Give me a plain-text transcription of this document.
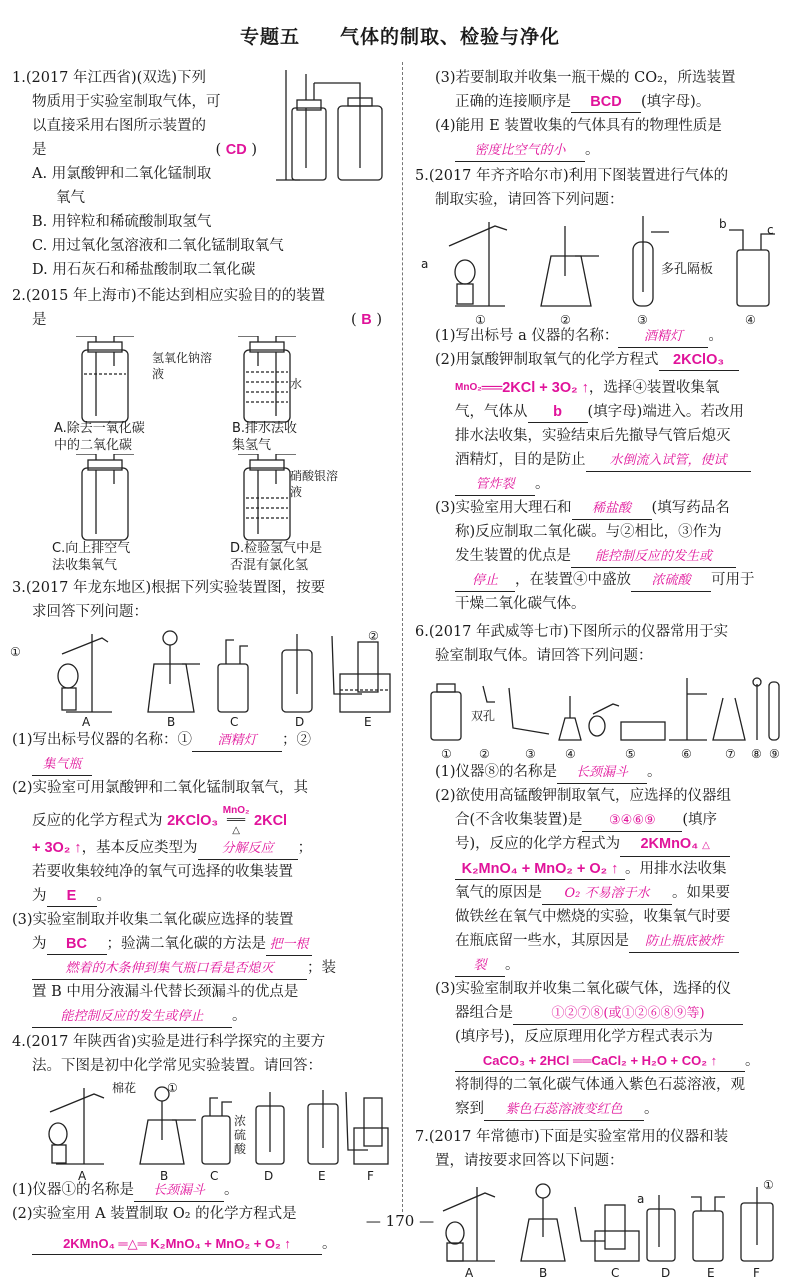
专题五 气体的制取、检验与净化
1.(2017 年江西省)(双选)下列
物质用于实验室制取气体，可
以直接采用右图所示装置的
是	( CD )
A. 用氯酸钾和二氧化锰制取
氧气
B. 用锌粒和稀硫酸制取氢气
C. 用过氧化氢溶液和二氧化锰制取氧气
D. 用石灰石和稀盐酸制取二氧化碳
2.(2015 年上海市)不能达到相应实验目的的装置
是	( B )
氢氧化钠溶液
A.除去一氧化碳
中的二氧化碳
水
B.排水法收
集氢气
C.向上排空气
法收集氧气
硝酸银溶液
D.检验氢气中是
否混有氯化氢
3.(2017 年龙东地区)根据下列实验装置图，按要
求回答下列问题：
①
②
A	B	C	D	E
(1)写出标号仪器的名称：① 酒精灯 ；②
集气瓶
(2)实验室可用氯酸钾和二氧化锰制取氧气，其
反应的化学方程式为 2KClO₃ MnO₂
═══
△ 2KCl
+ 3O₂ ↑，基本反应类型为 分解反应 ；
若要收集较纯净的氧气可选择的收集装置
为 E 。
(3)实验室制取并收集二氧化碳应选择的装置
为 BC ；验满二氧化碳的方法是 把一根
燃着的木条伸到集气瓶口看是否熄灭 ；装
置 B 中用分液漏斗代替长颈漏斗的优点是
能控制反应的发生或停止 。
4.(2017 年陕西省)实验是进行科学探究的主要方
法。下图是初中化学常见实验装置。请回答：
棉花	①
浓
硫
酸
A	B	C	D	E	F
(1)仪器①的名称是 长颈漏斗 。
(2)实验室用 A 装置制取 O₂ 的化学方程式是
2KMnO₄ ═△═ K₂MnO₄ + MnO₂ + O₂ ↑ 。
(3)若要制取并收集一瓶干燥的 CO₂，所选装置
正确的连接顺序是 BCD (填字母)。
(4)能用 E 装置收集的气体具有的物理性质是
密度比空气的小 。
5.(2017 年齐齐哈尔市)利用下图装置进行气体的
制取实验，请回答下列问题：
a	多孔隔板
b	c
①	②	③	④
(1)写出标号 a 仪器的名称： 酒精灯 。
(2)用氯酸钾制取氧气的化学方程式 2KClO₃
MnO₂══2KCl + 3O₂ ↑，选择④装置收集氧
气，气体从 b (填字母)端进入。若改用
排水法收集，实验结束后先撤导气管后熄灭
酒精灯，目的是防止 水倒流入试管，使试
管炸裂 。
(3)实验室用大理石和 稀盐酸 (填写药品名
称)反应制取二氧化碳。与②相比，③作为
发生装置的优点是 能控制反应的发生或
停止 ，在装置④中盛放 浓硫酸 可用于
干燥二氧化碳气体。
6.(2017 年武威等七市)下图所示的仪器常用于实
验室制取气体。请回答下列问题：
双孔
① ②	③ ④	⑤	⑥	⑦ ⑧ ⑨
(1)仪器⑧的名称是 长颈漏斗 。
(2)欲使用高锰酸钾制取氧气，应选择的仪器组
合(不含收集装置)是 ③④⑥⑨ (填序
号)，反应的化学方程式为 2KMnO₄ △
K₂MnO₄ + MnO₂ + O₂ ↑ 。用排水法收集
氧气的原因是 O₂ 不易溶于水 。如果要
做铁丝在氧气中燃烧的实验，收集氧气时要
在瓶底留一些水，其原因是 防止瓶底被炸
裂 。
(3)实验室制取并收集二氧化碳气体，选择的仪
器组合是	①②⑦⑧(或①②⑥⑧⑨等)
(填序号)，反应原理用化学方程式表示为
CaCO₃ + 2HCl ══CaCl₂ + H₂O + CO₂ ↑ 。
将制得的二氧化碳气体通入紫色石蕊溶液，观
察到 紫色石蕊溶液变红色 。
7.(2017 年常德市)下面是实验室常用的仪器和装
置，请按要求回答以下问题：
a
①
A	B	C	D	E	F
— 170 —
